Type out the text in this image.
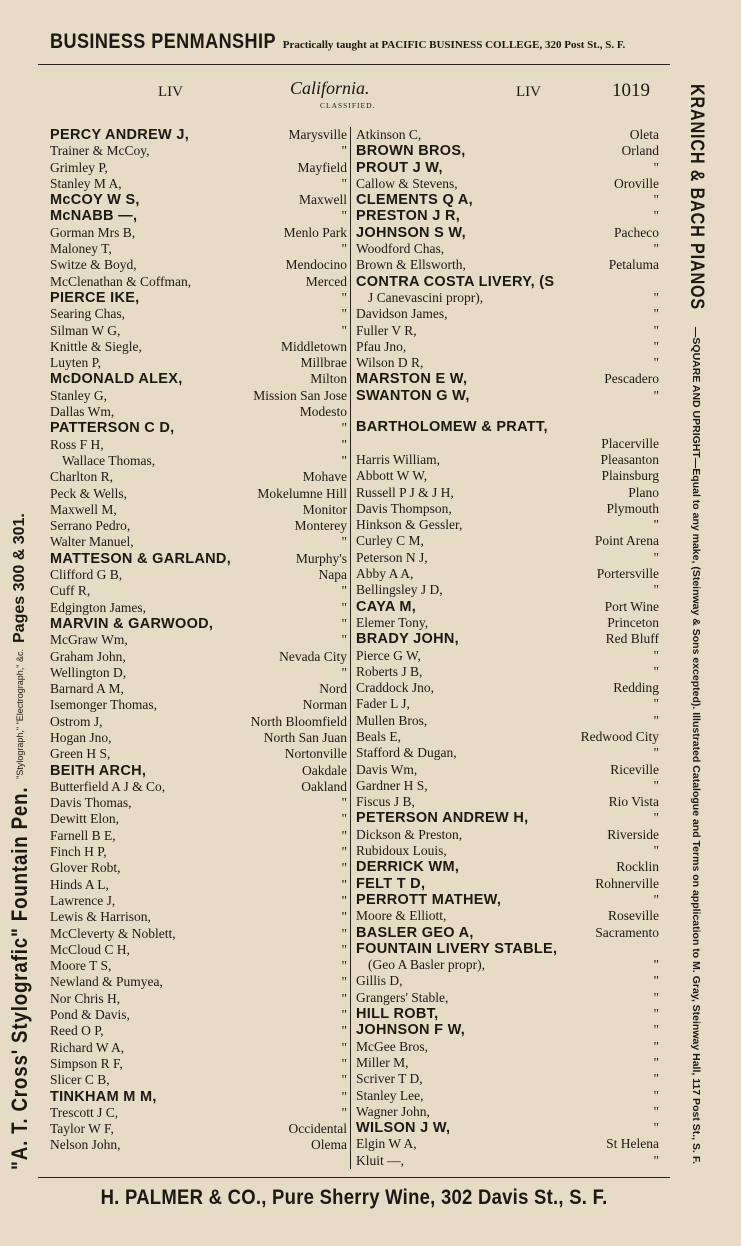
BUSINESS PENMANSHIP Practically taught at PACIFIC BUSINESS COLLEGE, 320 Post St., S. F.
LIV	California.
CLASSIFIED.
LIV	1019
PERCY ANDREW J,	Marysville
Trainer & McCoy,	"
Grimley P,	Mayfield
Stanley M A,	"
McCOY W S,	Maxwell
McNABB —,	"
Gorman Mrs B,	Menlo Park
Maloney T,	"
Switze & Boyd,	Mendocino
McClenathan & Coffman,	Merced
PIERCE IKE,	"
Searing Chas,	"
Silman W G,	"
Knittle & Siegle,	Middletown
Luyten P,	Millbrae
McDONALD ALEX,	Milton
Stanley G,	Mission San Jose
Dallas Wm,	Modesto
PATTERSON C D,	"
Ross F H,	"
Wallace Thomas,	"
Charlton R,	Mohave
Peck & Wells,	Mokelumne Hill
Maxwell M,	Monitor
Serrano Pedro,	Monterey
Walter Manuel,	"
MATTESON & GARLAND,	Murphy's
Clifford G B,	Napa
Cuff R,	"
Edgington James,	"
MARVIN & GARWOOD,	"
McGraw Wm,	"
Graham John,	Nevada City
Wellington D,	"
Barnard A M,	Nord
Isemonger Thomas,	Norman
Ostrom J,	North Bloomfield
Hogan Jno,	North San Juan
Green H S,	Nortonville
BEITH ARCH,	Oakdale
Butterfield A J & Co,	Oakland
Davis Thomas,	"
Dewitt Elon,	"
Farnell B E,	"
Finch H P,	"
Glover Robt,	"
Hinds A L,	"
Lawrence J,	"
Lewis & Harrison,	"
McCleverty & Noblett,	"
McCloud C H,	"
Moore T S,	"
Newland & Pumyea,	"
Nor Chris H,	"
Pond & Davis,	"
Reed O P,	"
Richard W A,	"
Simpson R F,	"
Slicer C B,	"
TINKHAM M M,	"
Trescott J C,	"
Taylor W F,	Occidental
Nelson John,	Olema
Atkinson C,	Oleta
BROWN BROS,	Orland
PROUT J W,	"
Callow & Stevens,	Oroville
CLEMENTS Q A,	"
PRESTON J R,	"
JOHNSON S W,	Pacheco
Woodford Chas,	"
Brown & Ellsworth,	Petaluma
CONTRA COSTA LIVERY, (S
J Canevascini propr),	"
Davidson James,	"
Fuller V R,	"
Pfau Jno,	"
Wilson D R,	"
MARSTON E W,	Pescadero
SWANTON G W,	"
BARTHOLOMEW & PRATT,
Placerville
Harris William,	Pleasanton
Abbott W W,	Plainsburg
Russell P J & J H,	Plano
Davis Thompson,	Plymouth
Hinkson & Gessler,	"
Curley C M,	Point Arena
Peterson N J,	"
Abby A A,	Portersville
Bellingsley J D,	"
CAYA M,	Port Wine
Elemer Tony,	Princeton
BRADY JOHN,	Red Bluff
Pierce G W,	"
Roberts J B,	"
Craddock Jno,	Redding
Fader L J,	"
Mullen Bros,	"
Beals E,	Redwood City
Stafford & Dugan,	"
Davis Wm,	Riceville
Gardner H S,	"
Fiscus J B,	Rio Vista
PETERSON ANDREW H,	"
Dickson & Preston,	Riverside
Rubidoux Louis,	"
DERRICK WM,	Rocklin
FELT T D,	Rohnerville
PERROTT MATHEW,	"
Moore & Elliott,	Roseville
BASLER GEO A,	Sacramento
FOUNTAIN LIVERY STABLE,
(Geo A Basler propr),	"
Gillis D,	"
Grangers' Stable,	"
HILL ROBT,	"
JOHNSON F W,	"
McGee Bros,	"
Miller M,	"
Scriver T D,	"
Stanley Lee,	"
Wagner John,	"
WILSON J W,	"
Elgin W A,	St Helena
Kluit —,	"
"A. T. Cross' Stylografic" Fountain Pen.
"Stylograph," "Electrograph," &c.
Pages 300 & 301.
KRANICH & BACH PIANOS
—SQUARE AND UPRIGHT—Equal to any make, (Steinway & Sons excepted). Illustrated Catalogue and Terms on application to M. Gray, Steinway Hall, 117 Post St., S. F.
H. PALMER & CO., Pure Sherry Wine, 302 Davis St., S. F.
